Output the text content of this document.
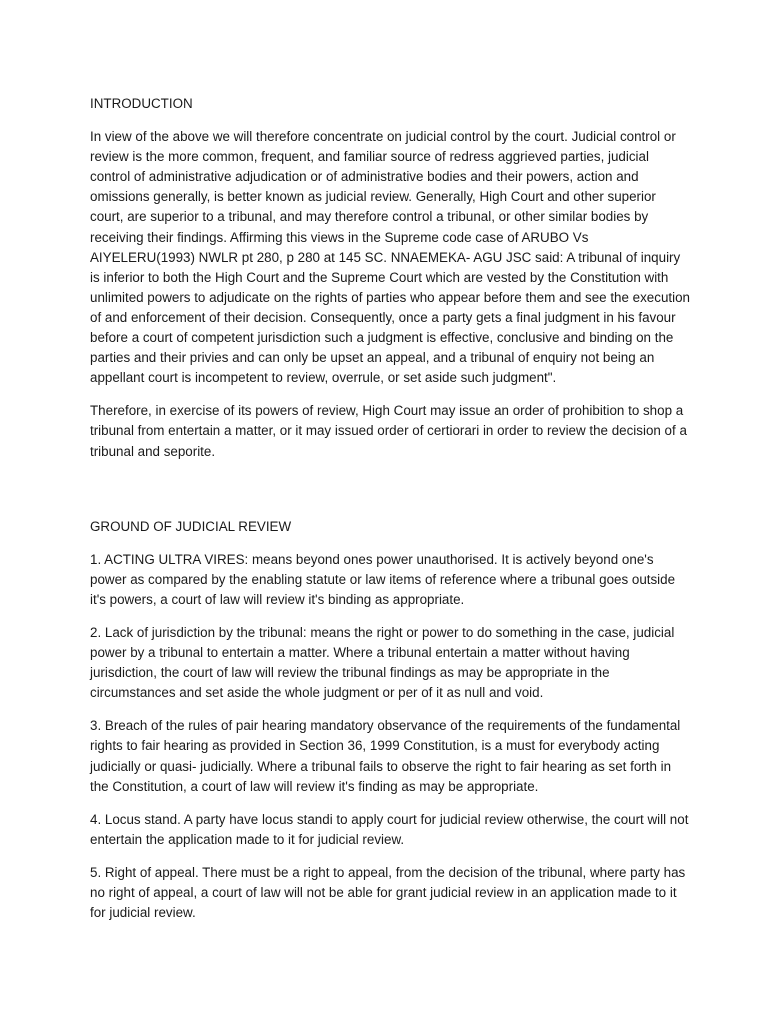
INTRODUCTION

In view of the above we will therefore concentrate on judicial control by the court. Judicial control or review is the more common, frequent, and familiar source of redress aggrieved parties, judicial control of administrative adjudication or of administrative bodies and their powers, action and omissions generally, is better known as judicial review. Generally, High Court and other superior court, are superior to a tribunal, and may therefore control a tribunal, or other similar bodies by receiving their findings. Affirming this views in the Supreme code case of ARUBO Vs AIYELERU(1993) NWLR pt 280, p 280 at 145 SC. NNAEMEKA- AGU JSC said: A tribunal of inquiry is inferior to both the High Court and the Supreme Court which are vested by the Constitution with unlimited powers to adjudicate on the rights of parties who appear before them and see the execution of and enforcement of their decision. Consequently, once a party gets a final judgment in his favour before a court of competent jurisdiction such a judgment is effective, conclusive and binding on the parties and their privies and can only be upset an appeal, and a tribunal of enquiry not being an appellant court is incompetent to review, overrule, or set aside such judgment".

Therefore, in exercise of its powers of review, High Court may issue an order of prohibition to shop a tribunal from entertain a matter, or it may issued order of certiorari in order to review the decision of a tribunal and seporite.

GROUND OF JUDICIAL REVIEW

1. ACTING ULTRA VIRES: means beyond ones power unauthorised. It is actively beyond one's power as compared by the enabling statute or law items of reference where a tribunal goes outside it's powers, a court of law will review it's binding as appropriate.

2. Lack of jurisdiction by the tribunal: means the right or power to do something in the case, judicial power by a tribunal to entertain a matter. Where a tribunal entertain a matter without having jurisdiction, the court of law will review the tribunal findings as may be appropriate in the circumstances and set aside the whole judgment or per of it as null and void.

3. Breach of the rules of pair hearing mandatory observance of the requirements of the fundamental rights to fair hearing as provided in Section 36, 1999 Constitution, is a must for everybody acting judicially or quasi- judicially. Where a tribunal fails to observe the right to fair hearing as set forth in the Constitution, a court of law will review it's finding as may be appropriate.

4. Locus stand. A party have locus standi to apply court for judicial review otherwise, the court will not entertain the application made to it for judicial review.

5. Right of appeal. There must be a right to appeal, from the decision of the tribunal, where party has no right of appeal, a court of law will not be able for grant judicial review in an application made to it for judicial review.
